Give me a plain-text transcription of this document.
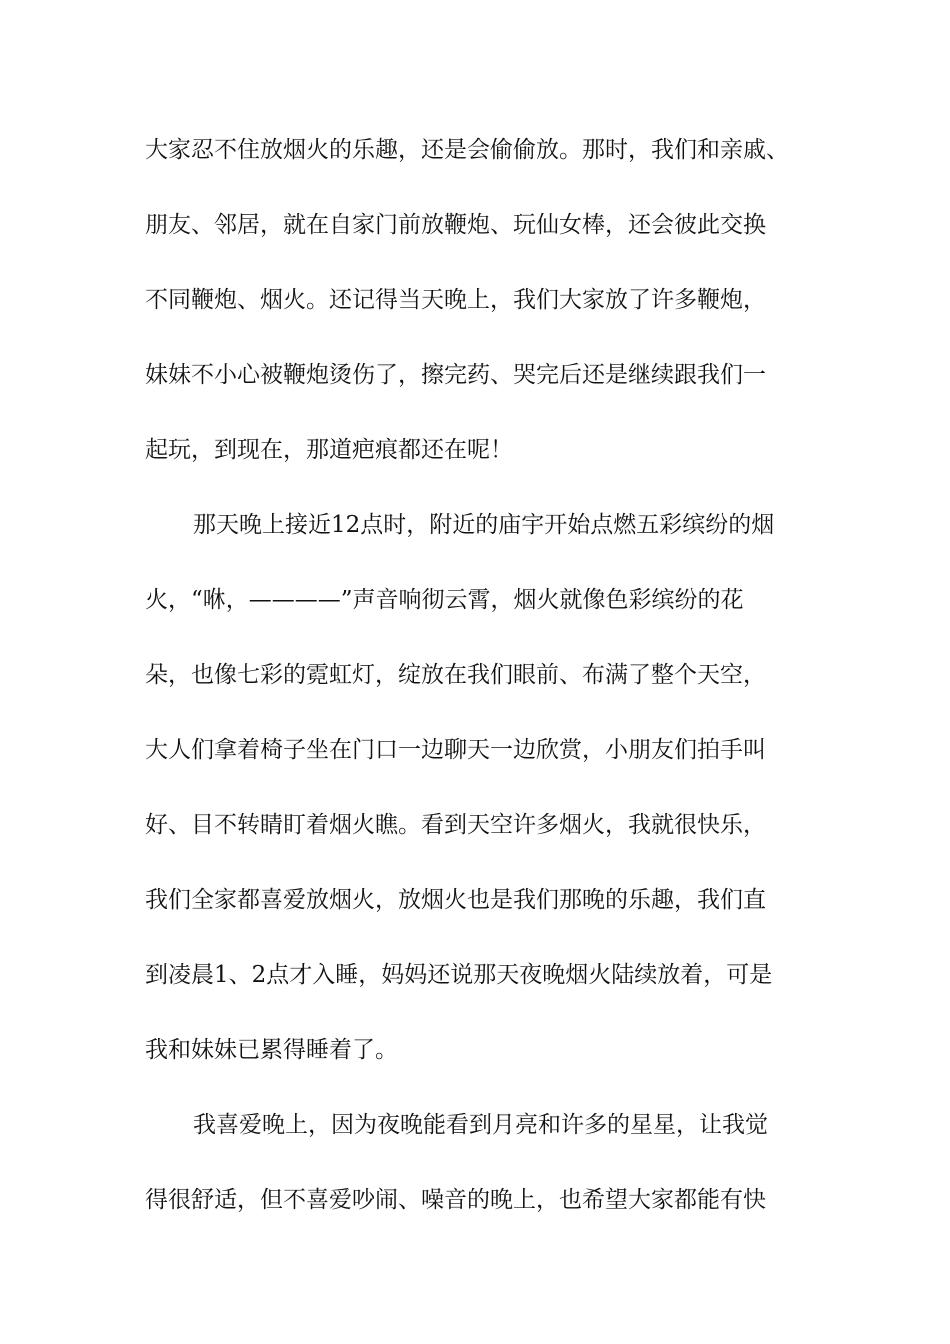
大家忍不住放烟火的乐趣，还是会偷偷放。那时，我们和亲戚、
朋友、邻居，就在自家门前放鞭炮、玩仙女棒，还会彼此交换
不同鞭炮、烟火。还记得当天晚上，我们大家放了许多鞭炮，
妹妹不小心被鞭炮烫伤了，擦完药、哭完后还是继续跟我们一
起玩，到现在，那道疤痕都还在呢！
那天晚上接近12点时，附近的庙宇开始点燃五彩缤纷的烟
火，“咻，————”声音响彻云霄，烟火就像色彩缤纷的花
朵，也像七彩的霓虹灯，绽放在我们眼前、布满了整个天空，
大人们拿着椅子坐在门口一边聊天一边欣赏，小朋友们拍手叫
好、目不转睛盯着烟火瞧。看到天空许多烟火，我就很快乐，
我们全家都喜爱放烟火，放烟火也是我们那晚的乐趣，我们直
到凌晨1、2点才入睡，妈妈还说那天夜晚烟火陆续放着，可是
我和妹妹已累得睡着了。
我喜爱晚上，因为夜晚能看到月亮和许多的星星，让我觉
得很舒适，但不喜爱吵闹、噪音的晚上，也希望大家都能有快
